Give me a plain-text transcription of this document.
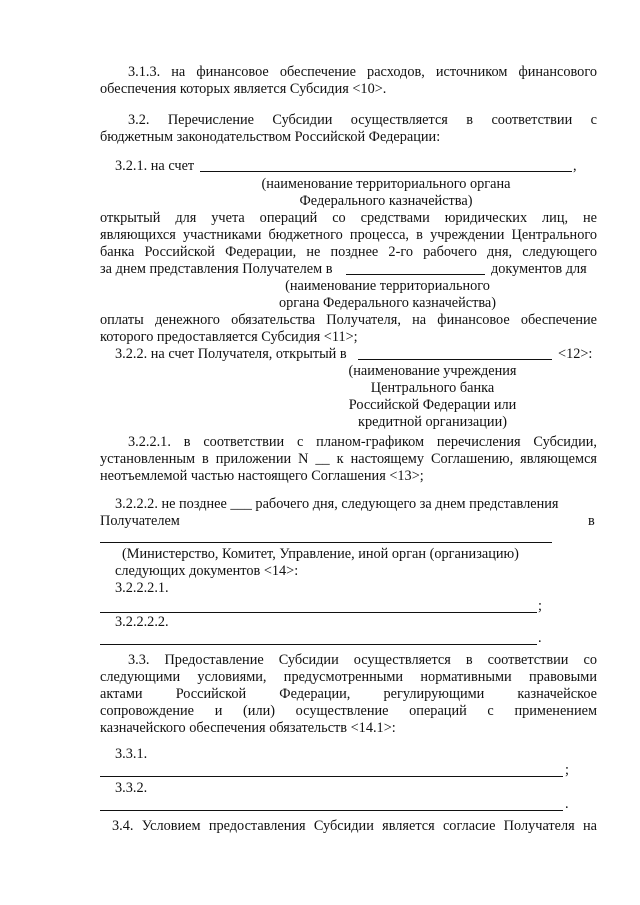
3.1.3. на финансовое обеспечение расходов, источником финансового
обеспечения которых является Субсидия <10>.
3.2. Перечисление Субсидии осуществляется в соответствии с
бюджетным законодательством Российской Федерации:
3.2.1. на счет	,
(наименование территориального органа
Федерального казначейства)
открытый для учета операций со средствами юридических лиц, не
являющихся участниками бюджетного процесса, в учреждении Центрального
банка Российской Федерации, не позднее 2-го рабочего дня, следующего
за днем представления Получателем в	документов для
(наименование территориального
органа Федерального казначейства)
оплаты денежного обязательства Получателя, на финансовое обеспечение
которого предоставляется Субсидия <11>;
3.2.2. на счет Получателя, открытый в	<12>:
(наименование учреждения
Центрального банка
Российской Федерации или
кредитной организации)
3.2.2.1. в соответствии с планом-графиком перечисления Субсидии,
установленным в приложении N __ к настоящему Соглашению, являющемся
неотъемлемой частью настоящего Соглашения <13>;
3.2.2.2. не позднее ___ рабочего дня, следующего за днем представления
Получателем	в
(Министерство, Комитет, Управление, иной орган (организацию)
следующих документов <14>:
3.2.2.2.1.
;
3.2.2.2.2.
.
3.3. Предоставление Субсидии осуществляется в соответствии со
следующими условиями, предусмотренными нормативными правовыми
актами Российской Федерации, регулирующими казначейское
сопровождение и (или) осуществление операций с применением
казначейского обеспечения обязательств <14.1>:
3.3.1.
;
3.3.2.
.
3.4. Условием предоставления Субсидии является согласие Получателя на
